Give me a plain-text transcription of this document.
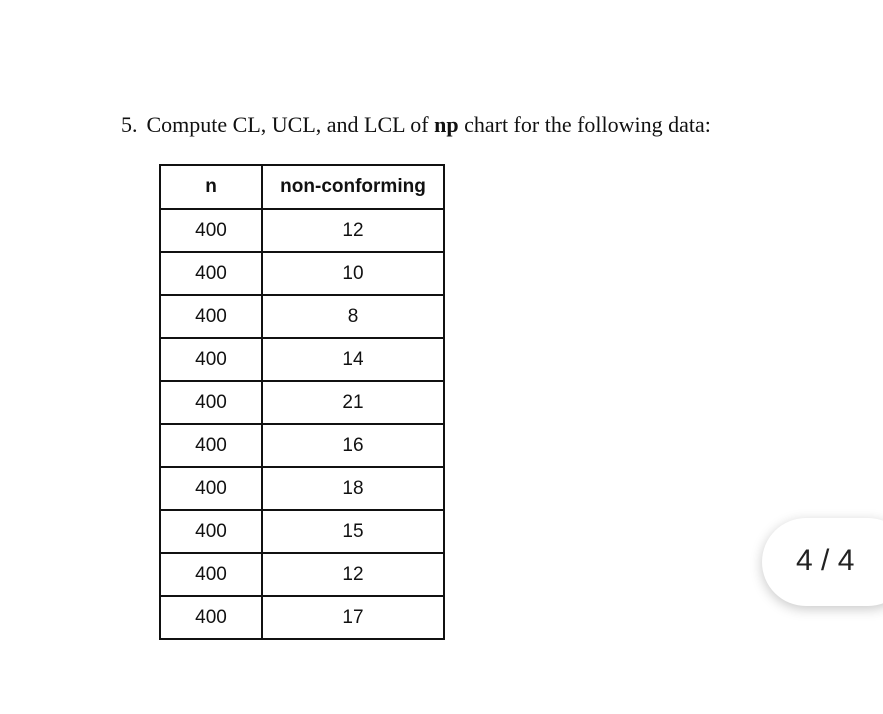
5. Compute CL, UCL, and LCL of np chart for the following data:

n	non-conforming
400	12
400	10
400	8
400	14
400	21
400	16
400	18
400	15
400	12
400	17
4 / 4
